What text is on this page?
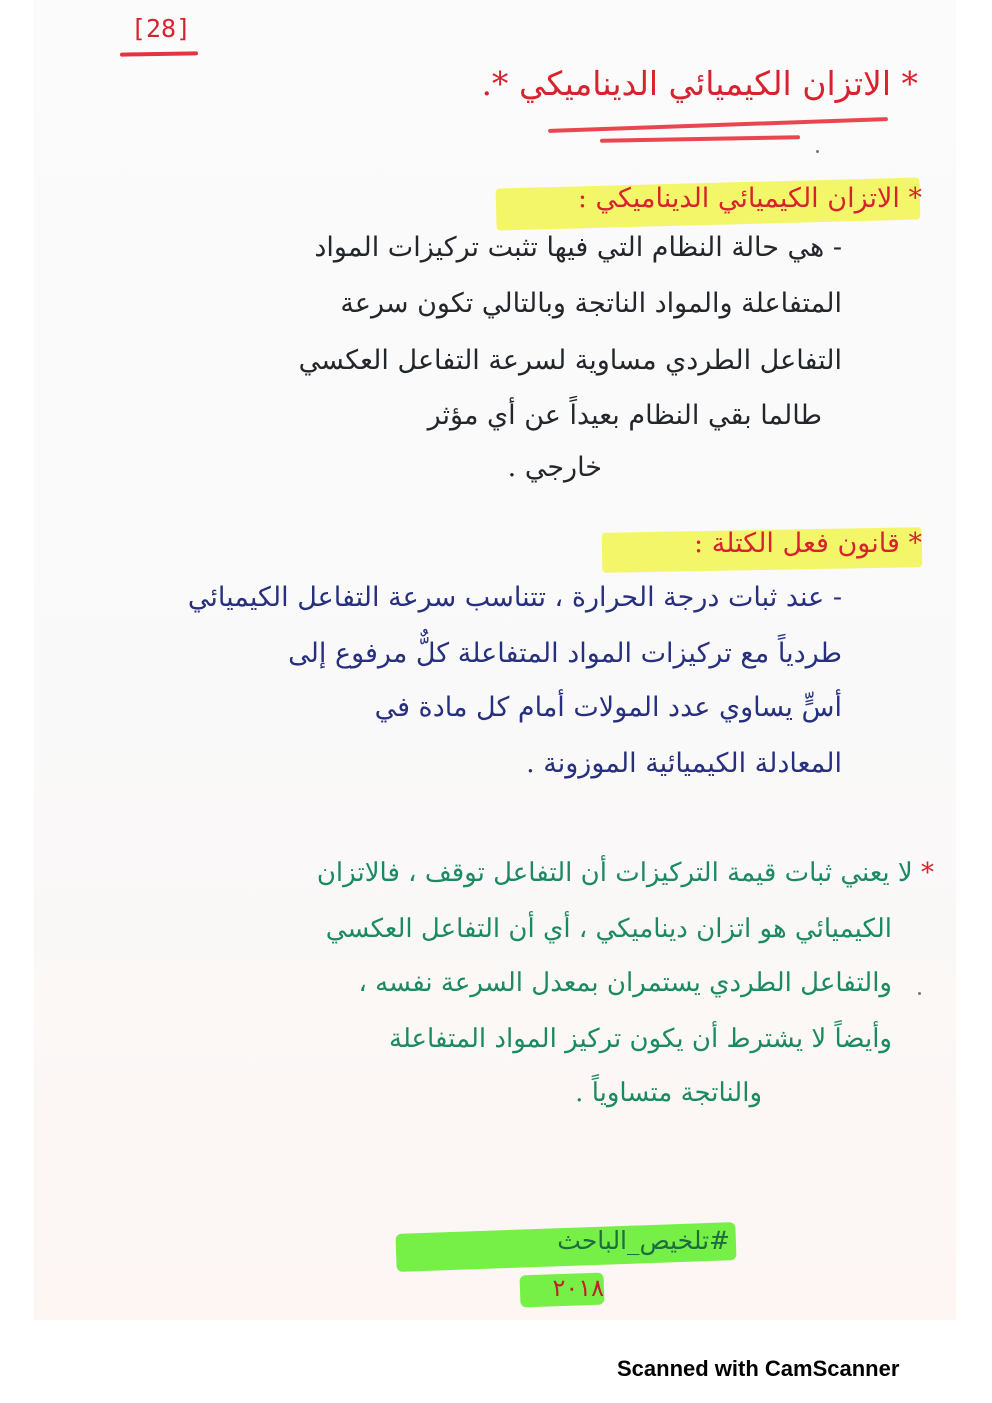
[28]
* الاتزان الكيميائي الديناميكي *.
* الاتزان الكيميائي الديناميكي :
- هي حالة النظام التي فيها تثبت تركيزات المواد
المتفاعلة والمواد الناتجة وبالتالي تكون سرعة
التفاعل الطردي مساوية لسرعة التفاعل العكسي
طالما بقي النظام بعيداً عن أي مؤثر
خارجي .
* قانون فعل الكتلة :
- عند ثبات درجة الحرارة ، تتناسب سرعة التفاعل الكيميائي
طردياً مع تركيزات المواد المتفاعلة كلٌّ مرفوع إلى
أسٍّ يساوي عدد المولات أمام كل مادة في
المعادلة الكيميائية الموزونة .
* لا يعني ثبات قيمة التركيزات أن التفاعل توقف ، فالاتزان
الكيميائي هو اتزان ديناميكي ، أي أن التفاعل العكسي
والتفاعل الطردي يستمران بمعدل السرعة نفسه ،
وأيضاً لا يشترط أن يكون تركيز المواد المتفاعلة
والناتجة متساوياً .
#تلخيص_الباحث
٢٠١٨
Scanned with CamScanner
